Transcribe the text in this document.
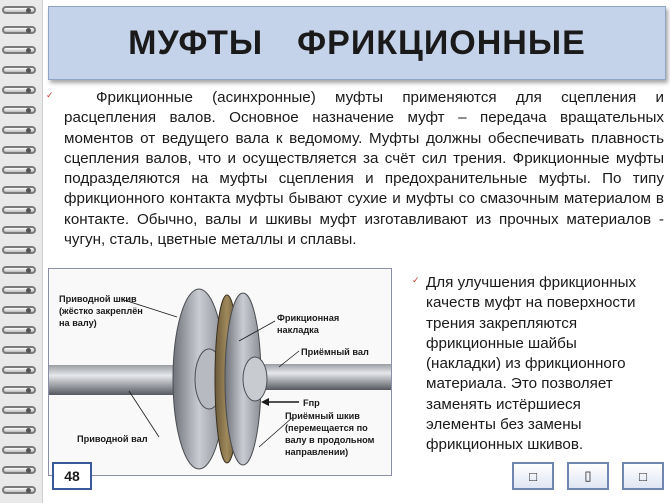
МУФТЫ ФРИКЦИОННЫЕ
✓	Фрикционные (асинхронные) муфты применяются для сцепления и расцепления валов. Основное назначение муфт – передача вращательных моментов от ведущего вала к ведомому. Муфты должны обеспечивать плавность сцепления валов, что и осуществляется за счёт сил трения. Фрикционные муфты подразделяются на муфты сцепления и предохранительные муфты. По типу фрикционного контакта муфты бывают сухие и муфты со смазочным материалом в контакте. Обычно, валы и шкивы муфт изготавливают из прочных материалов - чугун, сталь, цветные металлы и сплавы.
Приводной шкив
(жёстко закреплён
на валу)	Фрикционная
накладка
Приёмный вал
Fпр
Приёмный шкив
(перемещается по
валу в продольном
направлении)
Приводной вал
✓ Для улучшения фрикционных качеств муфт на поверхности трения закрепляются фрикционные шайбы (накладки) из фрикционного материала. Это позволяет заменять истёршиеся элементы без замены фрикционных шкивов.
48	□	▯	□
